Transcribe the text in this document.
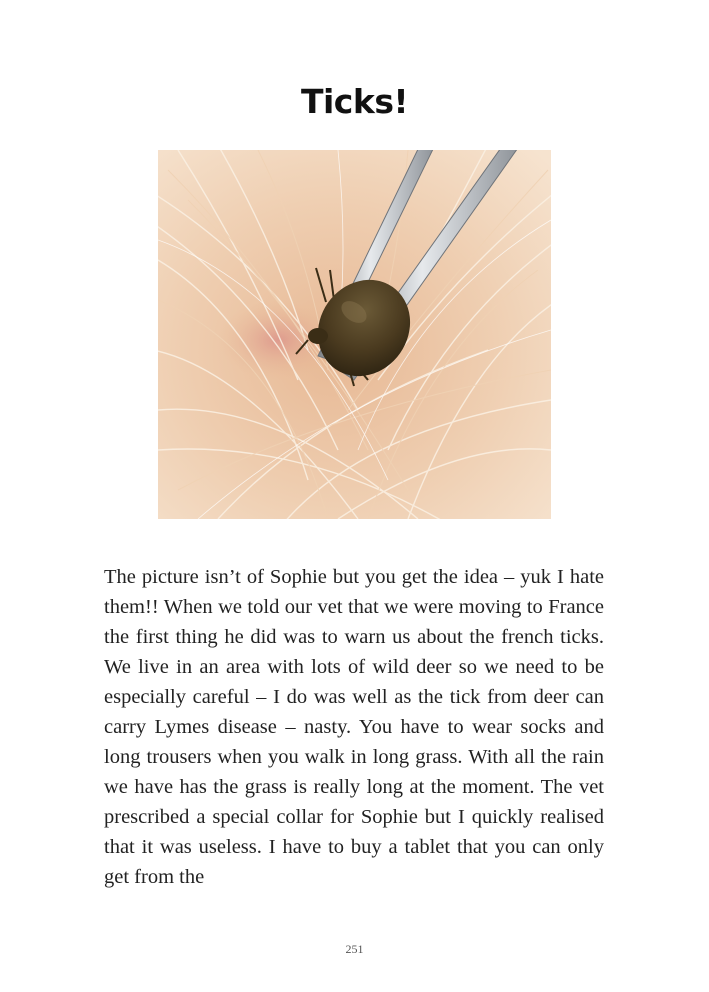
Ticks!

The picture isn’t of Sophie but you get the idea – yuk I hate them!! When we told our vet that we were moving to France the first thing he did was to warn us about the french ticks. We live in an area with lots of wild deer so we need to be especially careful – I do was well as the tick from deer can carry Lymes disease – nasty. You have to wear socks and long trousers when you walk in long grass. With all the rain we have has the grass is really long at the moment. The vet prescribed a special collar for Sophie but I quickly realised that it was useless. I have to buy a tablet that you can only get from the

251
